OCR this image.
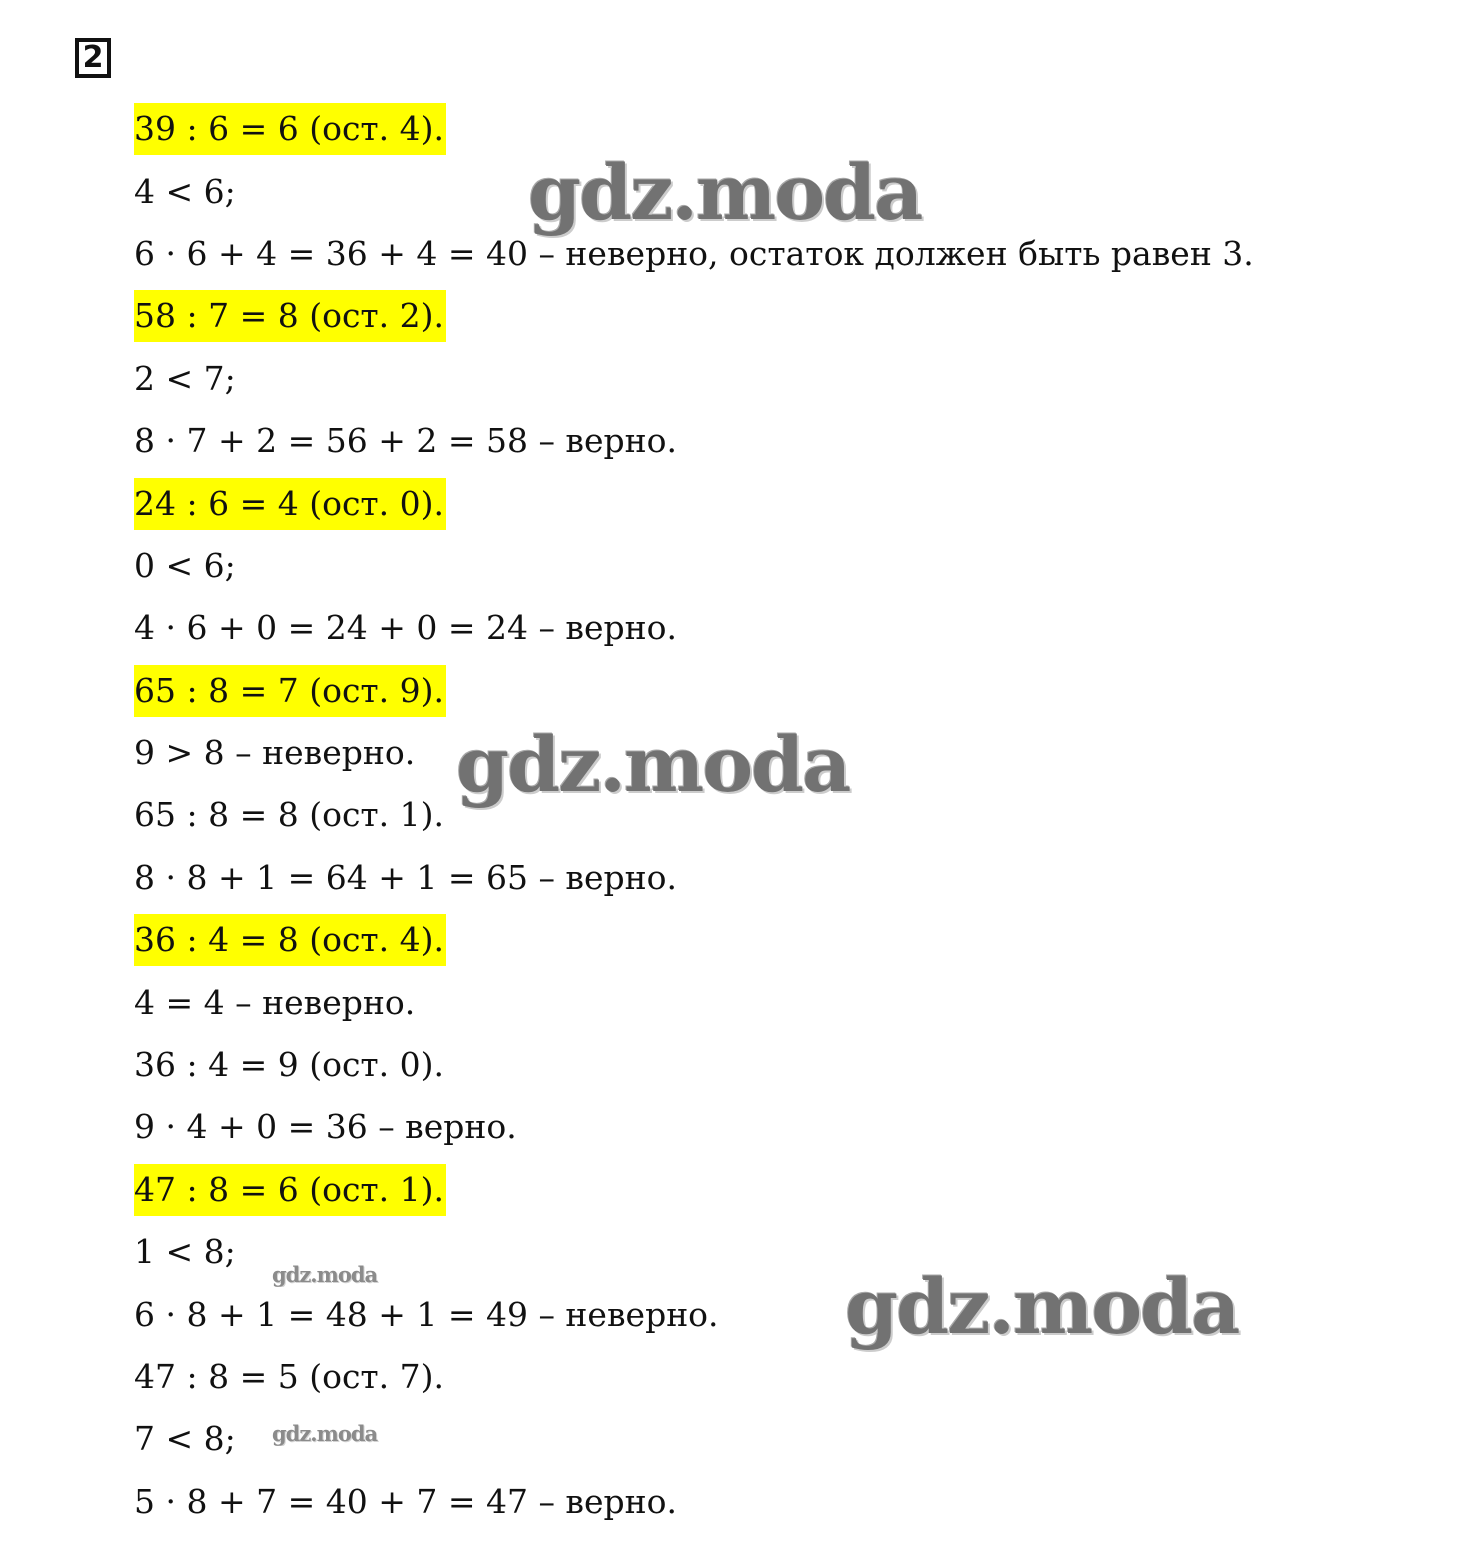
2
39 : 6 = 6 (ост. 4).
4 < 6;
6 · 6 + 4 = 36 + 4 = 40 – неверно, остаток должен быть равен 3.
58 : 7 = 8 (ост. 2).
2 < 7;
8 · 7 + 2 = 56 + 2 = 58 – верно.
24 : 6 = 4 (ост. 0).
0 < 6;
4 · 6 + 0 = 24 + 0 = 24 – верно.
65 : 8 = 7 (ост. 9).
9 > 8 – неверно.
65 : 8 = 8 (ост. 1).
8 · 8 + 1 = 64 + 1 = 65 – верно.
36 : 4 = 8 (ост. 4).
4 = 4 – неверно.
36 : 4 = 9 (ост. 0).
9 · 4 + 0 = 36 – верно.
47 : 8 = 6 (ост. 1).
1 < 8;
6 · 8 + 1 = 48 + 1 = 49 – неверно.
47 : 8 = 5 (ост. 7).
7 < 8;
5 · 8 + 7 = 40 + 7 = 47 – верно.
gdz.moda
gdz.moda
gdz.moda
gdz.moda
gdz.moda
